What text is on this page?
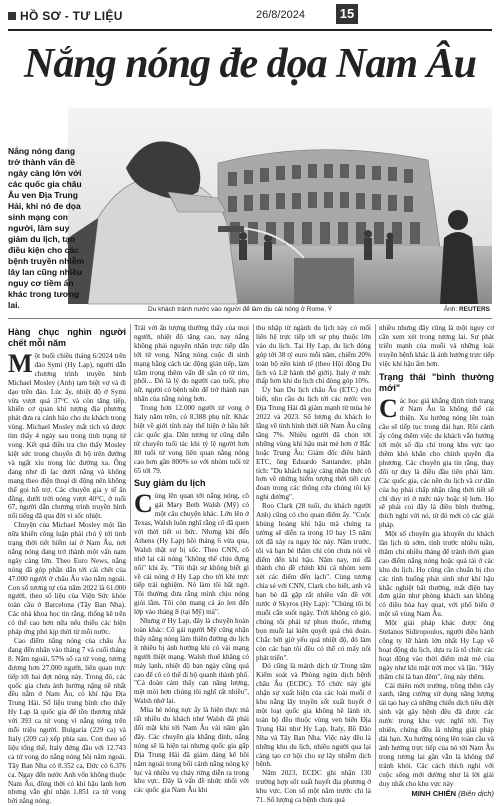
HỒ SƠ - TƯ LIỆU	26/8/2024	15
Nắng nóng đe dọa Nam Âu
Nắng nóng đang trở thành vấn đề ngày càng lớn với các quốc gia châu Âu ven Địa Trung Hải, khi nó đe dọa sinh mạng con người, làm suy giảm du lịch, tạo điều kiện cho các bệnh truyền nhiễm lây lan cũng nhiều nguy cơ tiềm ẩn khác trong tương lai.	Du khách tránh nước vào người để làm dịu cái nóng ở Rome, Ý	Ảnh: REUTERS
Hàng chục nghìn người chết mỗi năm

Một buổi chiều tháng 6/2024 trên đảo Symi (Hy Lạp), người dẫn chương trình truyền hình Michael Mosley (Anh) tạm biệt vợ và đi dạo trên đảo. Lúc ấy, nhiệt độ ở Symi vừa vượt quá 37°C và còn tăng tiếp, khiến cơ quan khí tượng địa phương phát đưa ra cảnh báo cho du khách trong vùng. Michael Mosley mất tích và được tìm thấy 4 ngày sau trong tình trạng tử vong. Kết quả điều tra cho thấy Mosley kiệt sức trong chuyến đi bộ trên đường và ngất xỉu trong lúc đường xa. Ông đang như đi lạc dưới nắng và không mang theo điện thoại di động nên không thể gọi hỗ trợ. Các chuyên gia y tế ấn đồng, dưới trời nóng vượt 40°C, ở tuổi 67, người dẫn chương trình truyền hình nổi tiếng đã qua đời vì sốc nhiệt.

Chuyện của Michael Mosley một lần nữa khiến công luận phải chú ý tới tình trạng thời tiết hiểm tai ở Nam Âu, nơi nắng nóng đang trở thành một vấn nạm ngày càng lớn. Theo Euro News, nắng nóng đã góp phần dẫn tới cái chết của 47.000 người ở châu Âu vào năm ngoái. Con số tương tự của năm 2022 là 61.000 người, theo số liệu của Viện Sức khỏe toàn cầu ở Barcelona (Tây Ban Nha). Các nhà khoa học tin rằng, thống kê trên có thể cao hơn nữa nếu thiếu các biện pháp ứng phó kịp thời từ mỗi nước.

Cao điểm nắng nóng của châu Âu đang đến nhân vào tháng 7 và cuối tháng 8. Năm ngoái, 57% số ca tử vong, tương đương hơn 27.000 người, liên quan trực tiếp tới hai đợt nóng này. Trong đó, các quốc gia chưa ảnh hưởng nặng nề nhất đều nằm ở Nam Âu, có khí hậu Địa Trung Hải. Số liệu trung bình cho thấy Hy Lạp là quốc gia để tồn thương nhất với 393 ca tử vong vì nắng nóng trên mỗi triệu người. Bulgaria (229 ca) và Italy (209 ca) xếp phía sau. Con theo số liệu tổng thể, Italy đứng đầu với 12.743 ca tử vong do nắng nóng hồi năm ngoái. Tây Ban Nha có 8.352 ca, Đức có 6.376 ca. Ngay đến nước Anh vốn không thuộc Nam Âu, đồng thời có khí hậu lạnh hơn nhưng vẫn ghi nhận 1.851 ca tử vong bởi nắng nóng.

Trái với ấn tượng thường thấy của mọi người, nhiệt độ tăng cao, nay nắng không phải nguyên nhân trực tiếp dẫn tới tử vong. Nắng nóng cuộc đi sinh mạng bằng cách tác động gián tiếp, làm trầm trọng thêm vấn đề sẵn có từ tim, phổi... Đó là lý do người cao tuổi, phụ nữ, người có bệnh nền để trở thành nạn nhân của nắng nóng hơn.

Trong hơn 12.000 người tử vong ở Italy năm trên, có 8.388 phụ nữ. Khác biệt về giới tính này thể hiện ở hầu hết các quốc gia. Dân tương tự cũng diễn từ chuyên tuổi tác khi tỷ lệ người hơn 80 tuổi tử vong liên quan nắng nóng cao hơn gần 800% so với nhóm tuổi từ 65 tới 79.

Suy giảm du lịch

Cùng lên quan tới nắng nóng, cô gái Mary Beth Walsh (Mỹ) có một câu chuyện khác. Lớn lên ở Texas, Walsh luôn nghĩ rằng cô đã quen với thời tiết oi bức. Nhưng khi đến Athens (Hy Lạp) hồi tháng 6 vừa qua, Walsh thật sự bị sốc. Theo CNN, cô nhớ lại cái nóng "không thể chịu đựng nổi" khi ấy. "Tôi thật sự không biết gì về cái nóng ở Hy Lạp cho tới khi trực tiếp trải nghiệm. Nó làm tôi bất ngờ. Tôi thường đưa rằng mình chịu nóng giỏi lắm. Tôi còn mang cả áo len đến lớp vào tháng 8 (tại Mỹ) mà".

Nhưng ở Hy Lạp, đây là chuyện hoàn toàn khác: Cô gái người Mỹ cũng nhận thấy nắng nóng làm thiên đường du lịch ít nhiều bị ảnh hưởng khi có vài mạng người thiệt mạng. Walsh thuê khăng có máy lạnh, nhiệt độ ban ngày cũng quá cao để cô có thể đi bộ quanh thành phố. "Cả đoàn cảm thấy cạn năng lượng, mệt mỏi hơn chúng tôi nghĩ rất nhiều", Walsh nhớ lại.

Mùa hè nóng nực ấy là hiện thực mà rất nhiều du khách như Walsh đã phải đối mặt khi tới Nam Âu vài năm gần đây. Các chuyên gia khẳng định, nắng nóng sẽ là hiện tại nhưng quốc gia gấp Địa Trung Hải đã giảm đáng kể hồi năm ngoái trong bối cảnh nắng nóng kỷ lục và nhiều vụ cháy rừng diễn ra trong khu vực. Đây là vấn đề nhức nhối với các quốc gia Nam Âu khi

thu nhập từ ngành du lịch này có mối liên hệ trực tiếp tới sự phụ thuộc lớn vào du lịch. Tại Hy Lạp, du lịch đóng góp tới 38 tỷ euro mỗi năm, chiếm 20% toàn bộ nền kinh tế (theo Hội đồng Du lịch và Lữ hành thế giới). Italy ở mức thấp hơn khi du lịch chỉ đóng góp 10%.

Ủy ban Du lịch châu Âu (ETC) cho biết, nhu cầu du lịch tới các nước ven Địa Trung Hải đã giảm mạnh từ mùa hè 2022 và 2023. Số lượng du khách lo lắng về tình hình thời tiết Nam Âu cũng tăng 7%. Nhiều người đã chọn tới những vùng khí hậu mát mẻ hơn ở Bắc hoặc Trung Âu: Giám đốc điều hành ETC, ông Eduardo Santander, phân tích: "Du khách ngày càng nhận thức rõ hơn về những hiểm tượng thời tiết cực đoan trong các thông cứa chúng tôi kỳ nghỉ đường".

Roo Clark (28 tuổi, du khách người Anh) cũng có cho quan điểm ấy. "Cuộc khủng hoảng khí hậu mà chúng ta tường sẽ diễn ra trong 10 hay 15 năm tới đã xảy ra ngay lúc này. Năm trước, tôi và bạn bè thăm chỉ còn chưa nói về điểm đến khí hậu. Năm nay, mì đã thành chủ đề chính khi cả nhóm xem xét các điểm đến lạch". Cùng tương chia sẻ với CNN, Clark cho biết, anh và bạn bè đã gặp rất nhiều vấn đề với nước ở Skyros (Hy Lạp): "Chúng tôi bị muỗi cắn suốt ngày. Trời không có gió, chúng tôi phải tự phun thuốc, nhưng bọn muỗi lại kiên quyết quá chủ đoán. Chắc bởi giờ yếu quá nhiệt độ, đó làm còn các bạn tôi đều có thể có mấy nốt phát triển".

Đó cũng là mảnh dịch từ Trung tâm Kiểm soát và Phòng ngừa dịch bệnh châu Âu (ECDC). Tổ chức này ghi nhận sự xuất hiện của các loài muỗi ở khu nắng lây truyền sốt xuất huyết ở một loạt quốc gia không hề lành tờ, toàn bộ đều thuộc vùng ven biển Địa Trung Hải như Hy Lạp, Italy, Bồ Đào Nha và Tây Ban Nha. Việc này đều là những khu du lịch, nhiều người qua lại càng tạo cơ hội cho sự lây nhiễm dịch bệnh.

Năm 2023, ECDC ghi nhận 130 trường hợp sốt xuất huyết địa phương ở khu vực. Con số một năm trước chỉ là 71. Số lượng ca bệnh chưa quá

nhiều nhưng đây cũng là một nguy cơ cần xem xét trong tương lai. Sự phát triển mạnh của muỗi và những loài truyền bệnh khác là ảnh hưởng trực tiếp việc khí hậu ấm hơn.

Trạng thái "bình thường mới"

Các học giả khẳng định tình trạng ở Nam Âu là không thể cải thiện. Xu hướng nóng lên toàn cầu sẽ tiếp tục trong dài hạn. Rồi cảnh ấy công thêm việc du khách vẫn hướng tới một số địa chỉ trong khu vực tạo thêm khó khăn cho chính quyền địa phương. Các chuyên gia tin rằng, thay đổi tự duy là điều đầu tiên phải làm. Các quốc gia, các nền du lịch và cư dân của họ phải chấp nhận rằng thời tiết sẽ chỉ duy trì ở mức này hoặc tệ hơn. Họ sẽ phải coi đây là điều bình thường, thích nghi với nó, từ đó mới có các giải pháp.

Một số chuyên gia khuyến du khách lần lịch tù sớm, tính trước nhiều tuần, thăm chỉ nhiều tháng để tránh thời gian cao điểm nắng nóng hoặc quá tải ở các khu du lịch. Họ cũng cần chuẩn bị cho các tình huống phát sinh như khí hậu khắc nghiệt bất thường, mất điện hay đơn giản như phòng khách san không có điều hòa hay quạt, với phố biến ở một số vùng Nam Âu.

Một giải pháp khác được ông Stelanos Sidiropoulos, người điều hành công ty lữ hành lớn nhất Hy Lạp về hoạt động du lịch, dựa ra là tổ chức các hoạt động vào thời điểm mát mẻ của ngày như khi mặt trời mọc và lặn. "Hãy thâm chỉ là ban đêm", ông này thêm.

Cái thiên mới trường, trồng thêm cây xanh, tăng cường sử dụng năng lượng tái tạo hay cả những chiến dịch tiêu diệt sinh vật gây bệnh đều đã được các nước trong khu vực nghĩ tới. Tuy nhiên, chúng đều là những giải pháp dài hạn. Xu hướng nóng lên toàn cầu và ảnh hưởng trực tiếp của nó tới Nam Âu trong tương lai gần vẫn là không thể tránh khỏi. Các cách thích nghi với cuộc sống mới dường như là lời giải duy nhất cho khu vực này

MINH CHIẾN (Biên dịch)
